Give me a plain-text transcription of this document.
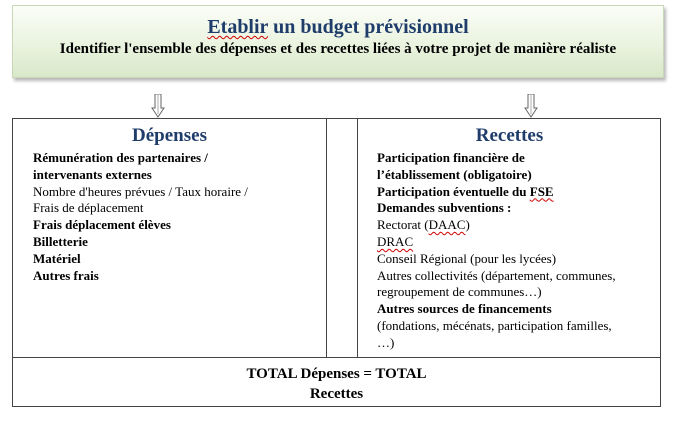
Etablir un budget prévisionnel
Identifier l'ensemble des dépenses et des recettes liées à votre projet de manière réaliste
Dépenses
Rémunération des partenaires /
intervenants externes
Nombre d'heures prévues / Taux horaire /
Frais de déplacement
Frais déplacement élèves
Billetterie
Matériel
Autres frais
Recettes
Participation financière de
l’établissement (obligatoire)
Participation éventuelle du FSE
Demandes subventions :
Rectorat (DAAC)
DRAC
Conseil Régional (pour les lycées)
Autres collectivités (département, communes,
regroupement de communes…)
Autres sources de financements
(fondations, mécénats, participation familles,
…)
TOTAL Dépenses = TOTAL
Recettes
